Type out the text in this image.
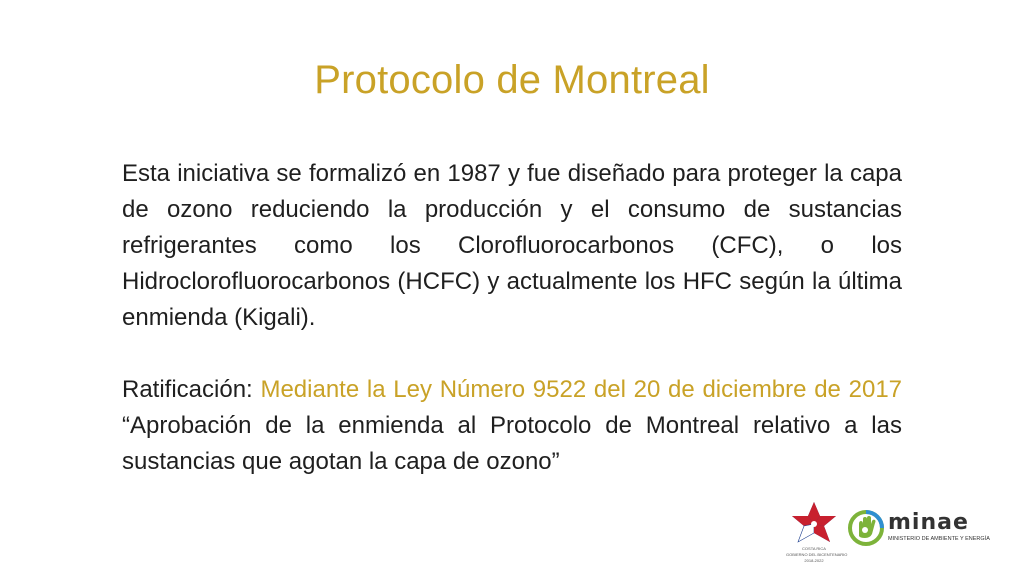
Protocolo de Montreal

Esta iniciativa se formalizó en 1987 y fue diseñado para proteger la capa de ozono reduciendo la producción y el consumo de sustancias refrigerantes como los Clorofluorocarbonos (CFC), o los Hidroclorofluorocarbonos (HCFC) y actualmente los HFC según la última enmienda (Kigali).

Ratificación: Mediante la Ley Número 9522 del 20 de diciembre de 2017 “Aprobación de la enmienda al Protocolo de Montreal relativo a las sustancias que agotan la capa de ozono”

COSTA RICA
GOBIERNO DEL BICENTENARIO
2018-2022
minae
MINISTERIO DE AMBIENTE Y ENERGÍA
